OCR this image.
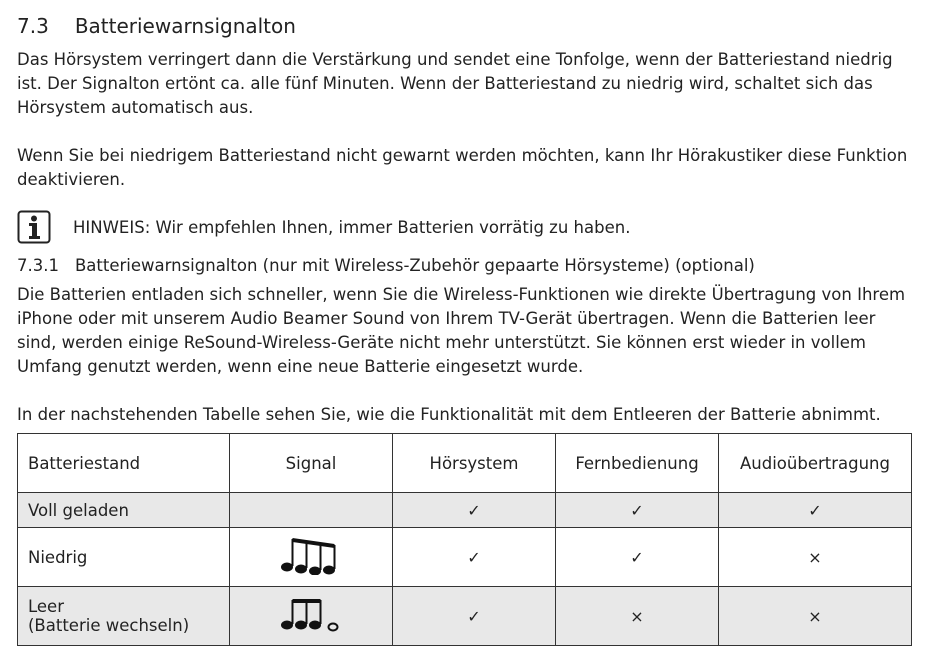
7.3 Batteriewarnsignalton

Das Hörsystem verringert dann die Verstärkung und sendet eine Tonfolge, wenn der Batteriestand niedrig ist. Der Signalton ertönt ca. alle fünf Minuten. Wenn der Batteriestand zu niedrig wird, schaltet sich das Hörsystem automatisch aus.

Wenn Sie bei niedrigem Batteriestand nicht gewarnt werden möchten, kann Ihr Hörakustiker diese Funktion deaktivieren.

HINWEIS: Wir empfehlen Ihnen, immer Batterien vorrätig zu haben.
7.3.1 Batteriewarnsignalton (nur mit Wireless-Zubehör gepaarte Hörsysteme) (optional)

Die Batterien entladen sich schneller, wenn Sie die Wireless-Funktionen wie direkte Übertragung von Ihrem iPhone oder mit unserem Audio Beamer Sound von Ihrem TV-Gerät übertragen. Wenn die Batterien leer sind, werden einige ReSound-Wireless-Geräte nicht mehr unterstützt. Sie können erst wieder in vollem Umfang genutzt werden, wenn eine neue Batterie eingesetzt wurde.

In der nachstehenden Tabelle sehen Sie, wie die Funktionalität mit dem Entleeren der Batterie abnimmt.

Batteriestand	Signal	Hörsystem	Fernbedienung	Audioübertragung
Voll geladen		✓	✓	✓
Niedrig		✓	✓	×

Leer
(Batterie wechseln)		✓	×	×
